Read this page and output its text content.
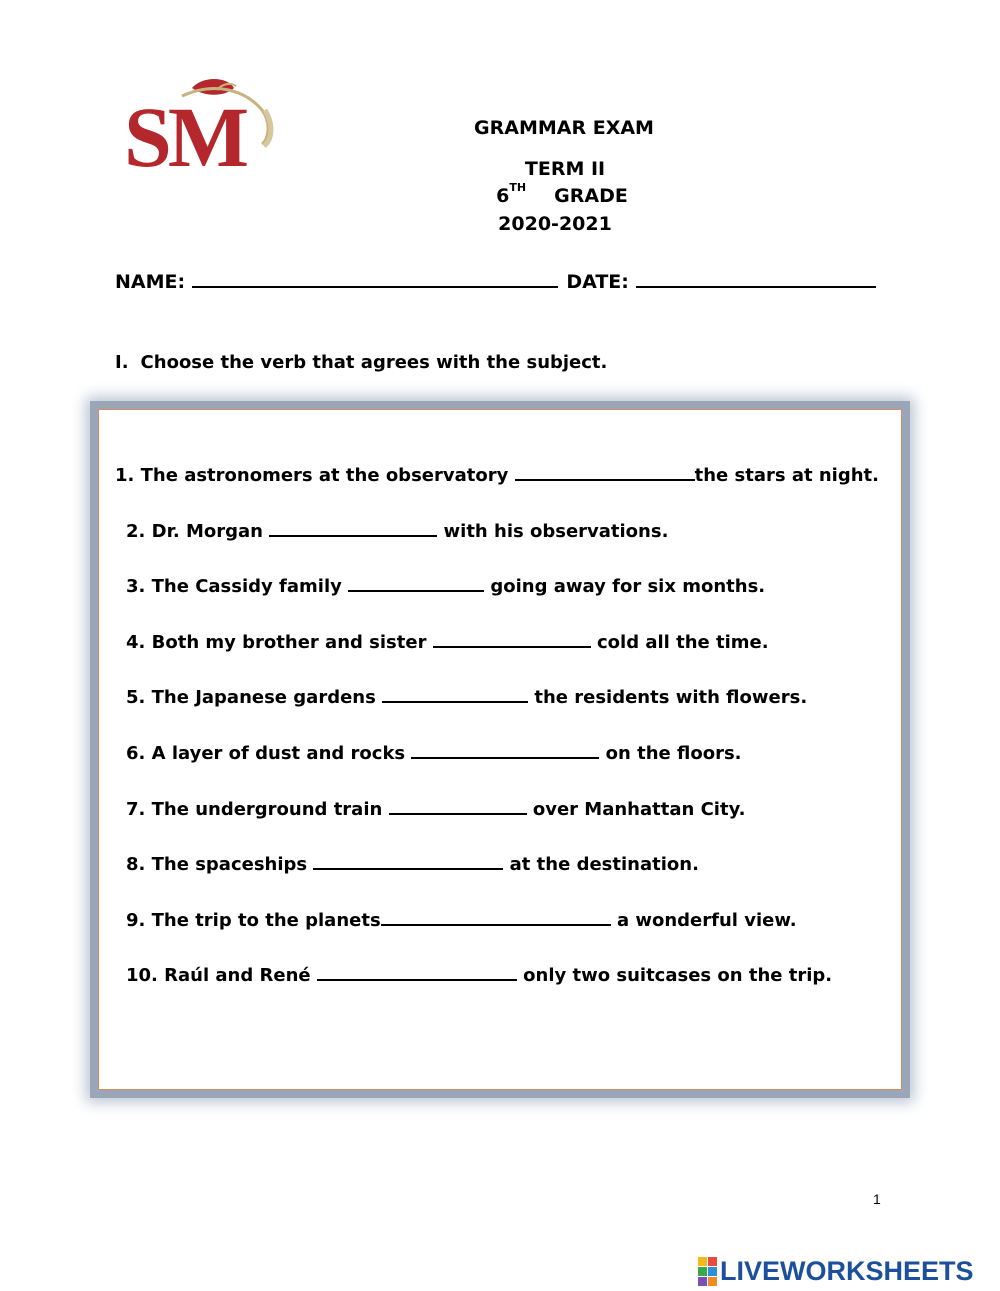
SM	GRAMMAR EXAM
TERM II
6TH GRADE
2020-2021
NAME:	DATE:
I. Choose the verb that agrees with the subject.
1. The astronomers at the observatory	the stars at night.
2. Dr. Morgan	with his observations.
3. The Cassidy family	going away for six months.
4. Both my brother and sister	cold all the time.
5. The Japanese gardens	the residents with flowers.
6. A layer of dust and rocks	on the floors.
7. The underground train	over Manhattan City.
8. The spaceships	at the destination.
9. The trip to the planets	a wonderful view.
10. Raúl and René	only two suitcases on the trip.
1
LIVEWORKSHEETS
